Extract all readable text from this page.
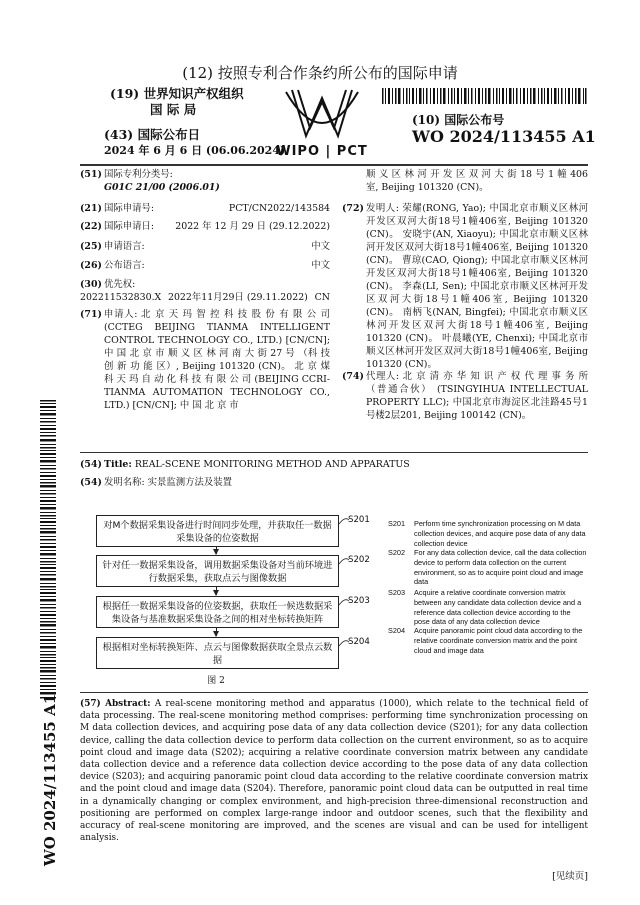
(12) 按照专利合作条约所公布的国际申请
(19) 世界知识产权组织
国 际 局
(43) 国际公布日
2024 年 6 月 6 日 (06.06.2024)
WIPO | PCT
(10) 国际公布号
WO 2024/113455 A1
(51) 国际专利分类号:
G01C 21/00 (2006.01)
(21) 国际申请号:	PCT/CN2022/143584
(22) 国际申请日: 2022 年 12 月 29 日 (29.12.2022)
(25) 申请语言:	中文
(26) 公布语言:	中文
(30) 优先权:
202211532830.X 2022年11月29日 (29.11.2022) CN
(71) 申请人: 北 京 天 玛 智 控 科 技 股 份 有 限 公 司 (CCTEG BEIJING TIANMA INTELLIGENT CONTROL TECHNOLOGY CO., LTD.) [CN/CN]; 中 国 北 京 市 顺 义 区 林 河 南 大 街 27 号 （科 技 创 新 功 能 区）, Beijing 101320 (CN)。 北 京 煤 科 天 玛 自 动 化 科 技 有 限 公 司 (BEIJING CCRI-TIANMA AUTOMATION TECHNOLOGY CO., LTD.) [CN/CN]; 中 国 北 京 市
顺 义 区 林 河 开 发 区 双 河 大 街 18 号 1 幢 406室, Beijing 101320 (CN)。
(72) 发明人: 荣耀(RONG, Yao); 中国北京市顺义区林河开发区双河大街18号1幢406室, Beijing 101320 (CN)。 安晓宇(AN, Xiaoyu); 中国北京市顺义区林河开发区双河大街18号1幢406室, Beijing 101320 (CN)。 曹琼(CAO, Qiong); 中国北京市顺义区林河开发区双河大街18号1幢406室, Beijing 101320 (CN)。 李森(LI, Sen); 中国北京市顺义区林河开发区双河大街18号1幢406室, Beijing 101320 (CN)。 南柄飞(NAN, Bingfei); 中国北京市顺义区林河开发区双河大街18号1幢406室, Beijing 101320 (CN)。 叶晨曦(YE, Chenxi); 中国北京市顺义区林河开发区双河大街18号1幢406室, Beijing 101320 (CN)。
(74) 代理人: 北 京 清 亦 华 知 识 产 权 代 理 事 务 所（普通合伙） (TSINGYIHUA INTELLECTUAL PROPERTY LLC); 中国北京市海淀区北洼路45号1号楼2层201, Beijing 100142 (CN)。
(54) Title: REAL-SCENE MONITORING METHOD AND APPARATUS
(54) 发明名称: 实景监测方法及装置
对M个数据采集设备进行时间同步处理，并获取任一数据采集设备的位姿数据
针对任一数据采集设备，调用数据采集设备对当前环境进行数据采集，获取点云与图像数据
根据任一数据采集设备的位姿数据，获取任一候选数据采集设备与基准数据采集设备之间的相对坐标转换矩阵
根据相对坐标转换矩阵、点云与图像数据获取全景点云数据
S201
S202
S203
S204
S201 Perform time synchronization processing on M data collection devices, and acquire pose data of any data collection device
S202 For any data collection device, call the data collection device to perform data collection on the current environment, so as to acquire point cloud and image data
S203 Acquire a relative coordinate conversion matrix between any candidate data collection device and a reference data collection device according to the pose data of any data collection device
S204 Acquire panoramic point cloud data according to the relative coordinate conversion matrix and the point cloud and image data
图 2
(57) Abstract: A real-scene monitoring method and apparatus (1000), which relate to the technical field of data processing. The real-scene monitoring method comprises: performing time synchronization processing on M data collection devices, and acquiring pose data of any data collection device (S201); for any data collection device, calling the data collection device to perform data collection on the current environment, so as to acquire point cloud and image data (S202); acquiring a relative coordinate conversion matrix between any candidate data collection device and a reference data collection device according to the pose data of any data collection device (S203); and acquiring panoramic point cloud data according to the relative coordinate conversion matrix and the point cloud and image data (S204). Therefore, panoramic point cloud data can be outputted in real time in a dynamically changing or complex environment, and high-precision three-dimensional reconstruction and positioning are performed on complex large-range indoor and outdoor scenes, such that the flexibility and accuracy of real-scene monitoring are improved, and the scenes are visual and can be used for intelligent analysis.
WO 2024/113455 A1
[见续页]
